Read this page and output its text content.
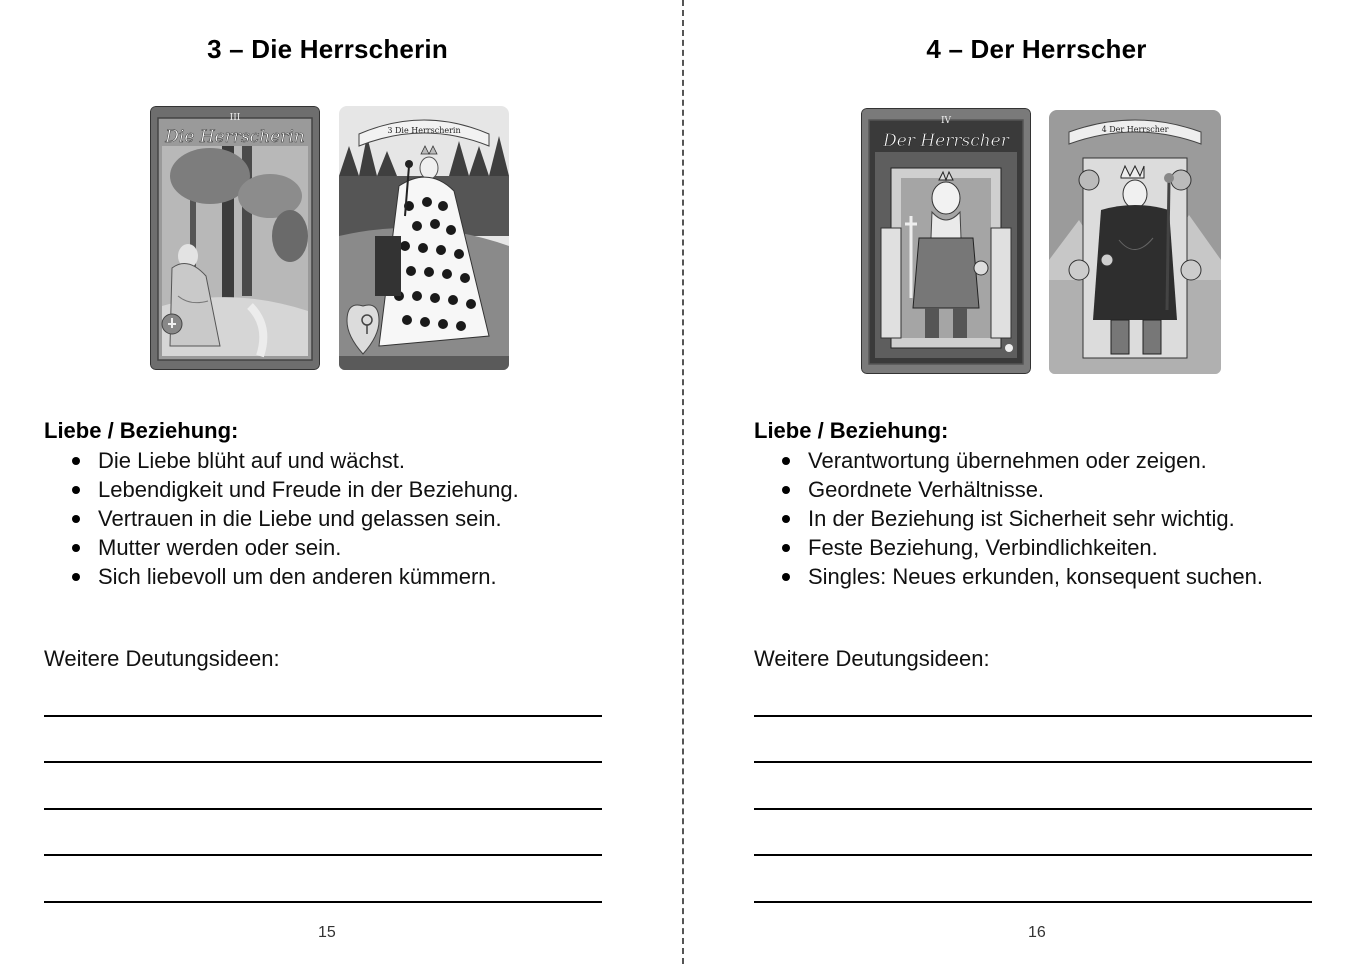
3 – Die Herrscherin
III
Die Herrscherin	3 Die Herrscherin
Liebe / Beziehung:
Die Liebe blüht auf und wächst.
Lebendigkeit und Freude in der Beziehung.
Vertrauen in die Liebe und gelassen sein.
Mutter werden oder sein.
Sich liebevoll um den anderen kümmern.
Weitere Deutungsideen:
15
4 – Der Herrscher
IV
Der Herrscher
4 Der Herrscher
Liebe / Beziehung:
Verantwortung übernehmen oder zeigen.
Geordnete Verhältnisse.
In der Beziehung ist Sicherheit sehr wichtig.
Feste Beziehung, Verbindlichkeiten.
Singles: Neues erkunden, konsequent suchen.
Weitere Deutungsideen:
16
